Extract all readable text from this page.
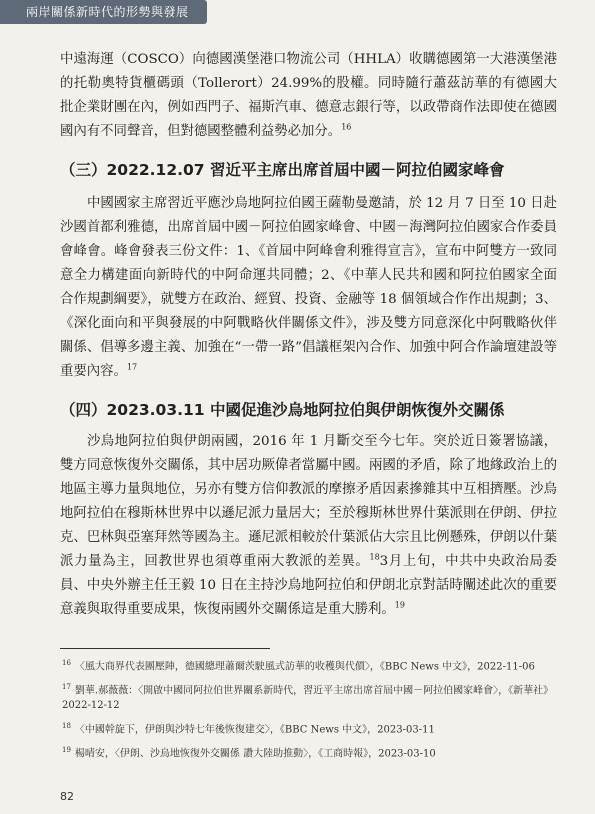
兩岸關係新時代的形勢與發展

中遠海運（COSCO）向德國漢堡港口物流公司（HHLA）收購德國第一大港漢堡港的托勒奧特貨櫃碼頭（Tollerort）24.99%的股權。同時隨行蕭茲訪華的有德國大批企業財團在內，例如西門子、福斯汽車、德意志銀行等，以政帶商作法即使在德國國內有不同聲音，但對德國整體利益勢必加分。$^{16}$

（三）2022.12.07 習近平主席出席首屆中國－阿拉伯國家峰會

中國國家主席習近平應沙烏地阿拉伯國王薩勒曼邀請，於 12 月 7 日至 10 日赴沙國首都利雅德，出席首屆中國－阿拉伯國家峰會、中國－海灣阿拉伯國家合作委員會峰會。峰會發表三份文件：1、《首屆中阿峰會利雅得宣言》，宣布中阿雙方一致同意全力構建面向新時代的中阿命運共同體；2、《中華人民共和國和阿拉伯國家全面合作規劃綱要》，就雙方在政治、經貿、投資、金融等 18 個領域合作作出規劃；3、《深化面向和平與發展的中阿戰略伙伴關係文件》，涉及雙方同意深化中阿戰略伙伴關係、倡導多邊主義、加強在“一帶一路”倡議框架內合作、加強中阿合作論壇建設等重要內容。$^{17}$

（四）2023.03.11 中國促進沙烏地阿拉伯與伊朗恢復外交關係

沙烏地阿拉伯與伊朗兩國，2016 年 1 月斷交至今七年。突於近日簽署協議，雙方同意恢復外交關係，其中居功厥偉者當屬中國。兩國的矛盾，除了地緣政治上的地區主導力量與地位，另亦有雙方信仰教派的摩擦矛盾因素摻雜其中互相擠壓。沙烏地阿拉伯在穆斯林世界中以遜尼派力量居大；至於穆斯林世界什葉派則在伊朗、伊拉克、巴林與亞塞拜然等國為主。遜尼派相較於什葉派佔大宗且比例懸殊，伊朗以什葉派力量為主，回教世界也須尊重兩大教派的差異。$^{18}$3月上旬，中共中央政治局委員、中央外辦主任王毅 10 日在主持沙烏地阿拉伯和伊朗北京對話時闡述此次的重要意義與取得重要成果，恢復兩國外交關係這是重大勝利。$^{19}$

$^{16}$ 〈風大商界代表團壓陣，德國總理蕭爾茨駛風式訪華的收穫與代價〉，《BBC News 中文》，2022-11-06

$^{17}$ 劉華.郝薇薇：〈開啟中國同阿拉伯世界關系新時代，習近平主席出席首屆中國－阿拉伯國家峰會〉，《新華社》2022-12-12

$^{18}$ 〈中國幹旋下，伊朗與沙特七年後恢復建交〉，《BBC News 中文》，2023-03-11

$^{19}$ 楊晴安，〈伊朗、沙烏地恢復外交關係 讚大陸助推動〉，《工商時報》，2023-03-10

82
